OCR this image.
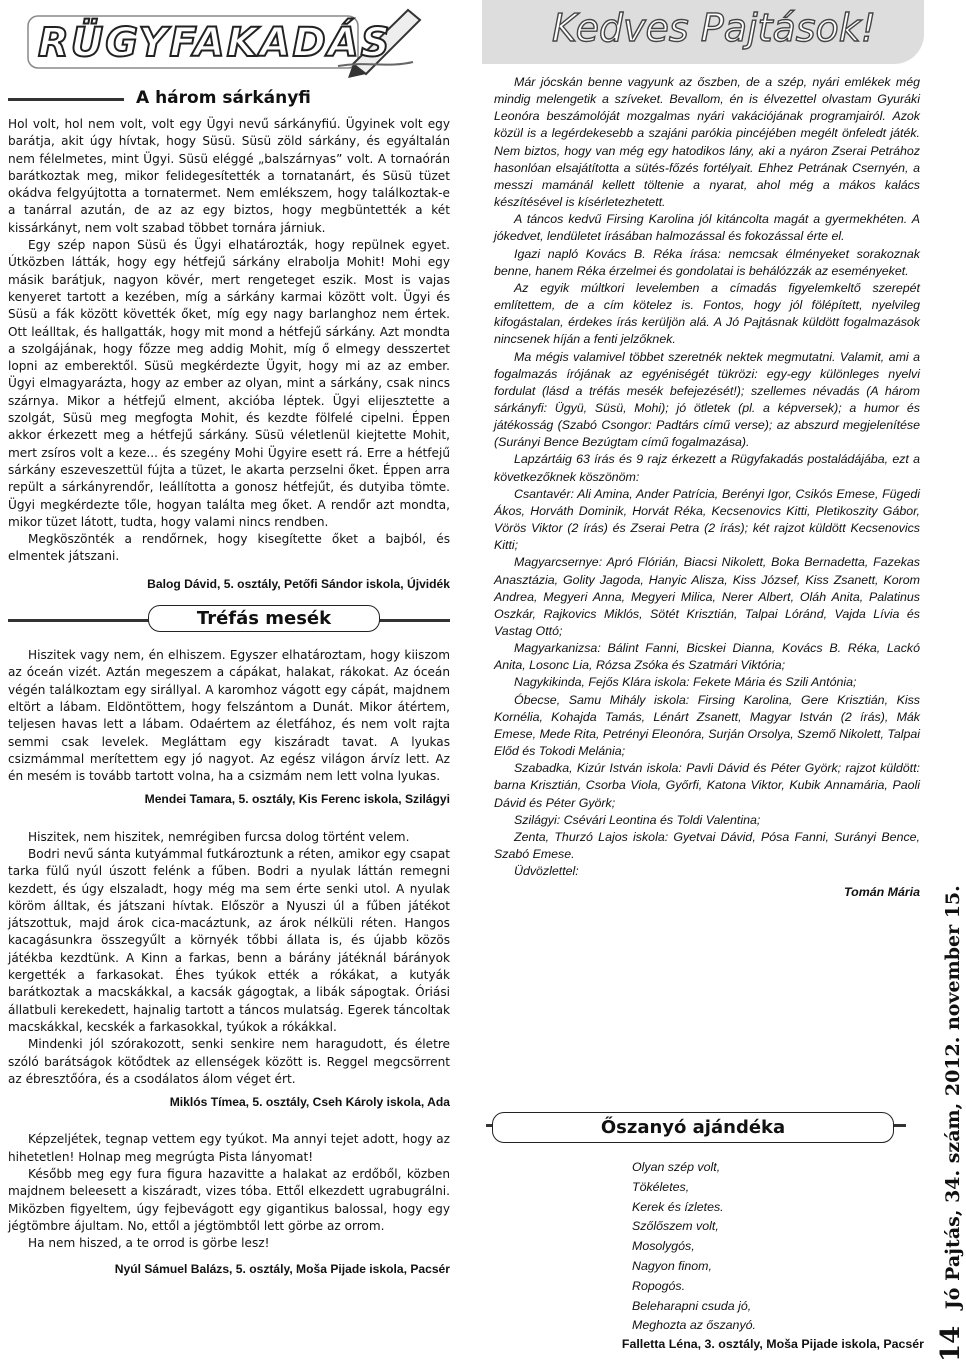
RÜGYFAKADÁS
A három sárkányfi

Hol volt, hol nem volt, volt egy Ügyi nevű sárkányfiú. Ügyinek volt egy barátja, akit úgy hívtak, hogy Süsü. Süsü zöld sárkány, és egyáltalán nem félelmetes, mint Ügyi. Süsü eléggé „balszárnyas” volt. A tornaórán barátkoztak meg, mikor felidegesítették a tornatanárt, és Süsü tüzet okádva felgyújtotta a tornatermet. Nem emlékszem, hogy találkoztak-e a tanárral azután, de az az egy biztos, hogy megbüntették a két kissárkányt, nem volt szabad többet tornára járniuk.

Egy szép napon Süsü és Ügyi elhatározták, hogy repülnek egyet. Útközben látták, hogy egy hétfejű sárkány elrabolja Mohit! Mohi egy másik barátjuk, nagyon kövér, mert rengeteget eszik. Most is vajas kenyeret tartott a kezében, míg a sárkány karmai között volt. Ügyi és Süsü a fák között követték őket, míg egy nagy barlanghoz nem értek. Ott leálltak, és hallgatták, hogy mit mond a hétfejű sárkány. Azt mondta a szolgájának, hogy főzze meg addig Mohit, míg ő elmegy desszertet lopni az emberektől. Süsü megkérdezte Ügyit, hogy mi az az ember. Ügyi elmagyarázta, hogy az ember az olyan, mint a sárkány, csak nincs szárnya. Mikor a hétfejű elment, akcióba léptek. Ügyi elijesztette a szolgát, Süsü meg megfogta Mohit, és kezdte fölfelé cipelni. Éppen akkor érkezett meg a hétfejű sárkány. Süsü véletlenül kiejtette Mohit, mert zsíros volt a keze... és szegény Mohi Ügyire esett rá. Erre a hétfejű sárkány eszeveszettül fújta a tüzet, le akarta perzselni őket. Éppen arra repült a sárkányrendőr, leállította a gonosz hétfejűt, és dutyiba tömte. Ügyi megkérdezte tőle, hogyan találta meg őket. A rendőr azt mondta, mikor tüzet látott, tudta, hogy valami nincs rendben.

Megköszönték a rendőrnek, hogy kisegítette őket a bajból, és elmentek játszani.

Balog Dávid, 5. osztály, Petőfi Sándor iskola, Újvidék

Tréfás mesék

Hiszitek vagy nem, én elhiszem. Egyszer elhatároztam, hogy kiiszom az óceán vizét. Aztán megeszem a cápákat, halakat, rákokat. Az óceán végén találkoztam egy sirállyal. A karomhoz vágott egy cápát, majdnem eltört a lábam. Eldöntöttem, hogy felszántom a Dunát. Mikor átértem, teljesen havas lett a lábam. Odaértem az életfához, és nem volt rajta semmi csak levelek. Megláttam egy kiszáradt tavat. A lyukas csizmámmal merítettem egy jó nagyot. Az egész világon árvíz lett. Az én mesém is tovább tartott volna, ha a csizmám nem lett volna lyukas.

Mendei Tamara, 5. osztály, Kis Ferenc iskola, Szilágyi

Hiszitek, nem hiszitek, nemrégiben furcsa dolog történt velem.

Bodri nevű sánta kutyámmal futkároztunk a réten, amikor egy csapat tarka fülű nyúl úszott felénk a fűben. Bodri a nyulak láttán remegni kezdett, és úgy elszaladt, hogy még ma sem érte senki utol. A nyulak köröm álltak, és játszani hívtak. Először a Nyuszi úl a fűben játékot játszottuk, majd árok cica-macáztunk, az árok nélküli réten. Hangos kacagásunkra összegyűlt a környék tőbbi állata is, és újabb közös játékba kezdtünk. A Kinn a farkas, benn a bárány játéknál bárányok kergették a farkasokat. Éhes tyúkok ették a rókákat, a kutyák barátkoztak a macskákkal, a kacsák gágogtak, a libák sápogtak. Óriási állatbuli kerekedett, hajnalig tartott a táncos mulatság. Egerek táncoltak macskákkal, kecskék a farkasokkal, tyúkok a rókákkal.

Mindenki jól szórakozott, senki senkire nem haragudott, és életre szóló barátságok kötődtek az ellenségek között is. Reggel megcsörrent az ébresztőóra, és a csodálatos álom véget ért.

Miklós Tímea, 5. osztály, Cseh Károly iskola, Ada

Képzeljétek, tegnap vettem egy tyúkot. Ma annyi tejet adott, hogy az hihetetlen! Holnap meg megrúgta Pista lányomat!

Később meg egy fura figura hazavitte a halakat az erdőből, közben majdnem beleesett a kiszáradt, vizes tóba. Ettől elkezdett ugrabugrálni. Miközben figyeltem, úgy fejbevágott egy gigantikus balossal, hogy egy jégtömbre ájultam. No, ettől a jégtömbtől lett görbe az orrom.

Ha nem hiszed, a te orrod is görbe lesz!

Nyúl Sámuel Balázs, 5. osztály, Moša Pijade iskola, Pacsér

Kedves Pajtások!

Már jócskán benne vagyunk az őszben, de a szép, nyári emlékek még mindig melengetik a szíveket. Bevallom, én is élvezettel olvastam Gyuráki Leonóra beszámolóját mozgalmas nyári vakációjának programjairól. Azok közül is a legérdekesebb a szajáni parókia pincéjében megélt önfeledt játék. Nem biztos, hogy van még egy hatodikos lány, aki a nyáron Zserai Petrához hasonlóan elsajátította a sütés-főzés fortélyait. Ehhez Petrának Csernyén, a messzi mamánál kellett töltenie a nyarat, ahol még a mákos kalács készítésével is kísérletezhetett.

A táncos kedvű Firsing Karolina jól kitáncolta magát a gyermekhéten. A jókedvet, lendületet írásában halmozással és fokozással érte el.

Igazi napló Kovács B. Réka írása: nemcsak élményeket sorakoznak benne, hanem Réka érzelmei és gondolatai is behálózzák az eseményeket.

Az egyik múltkori levelemben a címadás figyelemkeltő szerepét említettem, de a cím kötelez is. Fontos, hogy jól fölépített, nyelvileg kifogástalan, érdekes írás kerüljön alá. A Jó Pajtásnak küldött fogalmazások nincsenek híján a fenti jelzőknek.

Ma mégis valamivel többet szeretnék nektek megmutatni. Valamit, ami a fogalmazás írójának az egyéniségét tükrözi: egy-egy különleges nyelvi fordulat (lásd a tréfás mesék befejezését!); szellemes névadás (A három sárkányfi: Ügyü, Süsü, Mohi); jó ötletek (pl. a képversek); a humor és játékosság (Szabó Csongor: Padtárs című verse); az abszurd megjelenítése (Surányi Bence Bezúgtam című fogalmazása).

Lapzártáig 63 írás és 9 rajz érkezett a Rügyfakadás postaládájába, ezt a következőknek köszönöm:

Csantavér: Ali Amina, Ander Patrícia, Berényi Igor, Csikós Emese, Fügedi Ákos, Horváth Dominik, Horvát Réka, Kecsenovics Kitti, Pletikoszity Gábor, Vörös Viktor (2 írás) és Zserai Petra (2 írás); két rajzot küldött Kecsenovics Kitti;

Magyarcsernye: Apró Flórián, Biacsi Nikolett, Boka Bernadetta, Fazekas Anasztázia, Golity Jagoda, Hanyic Alisza, Kiss József, Kiss Zsanett, Korom Andrea, Megyeri Anna, Megyeri Milica, Nerer Albert, Oláh Anita, Palatinus Oszkár, Rajkovics Miklós, Sötét Krisztián, Talpai Lóránd, Vajda Lívia és Vastag Ottó;

Magyarkanizsa: Bálint Fanni, Bicskei Dianna, Kovács B. Réka, Lackó Anita, Losonc Lia, Rózsa Zsóka és Szatmári Viktória;

Nagykikinda, Fejős Klára iskola: Fekete Mária és Szili Antónia;

Óbecse, Samu Mihály iskola: Firsing Karolina, Gere Krisztián, Kiss Kornélia, Kohajda Tamás, Lénárt Zsanett, Magyar István (2 írás), Mák Emese, Mede Rita, Petrényi Eleonóra, Surján Orsolya, Szemő Nikolett, Talpai Előd és Tokodi Melánia;

Szabadka, Kizúr István iskola: Pavli Dávid és Péter Györk; rajzot küldött: barna Krisztián, Csorba Viola, Győrfi, Katona Viktor, Kubik Annamária, Paoli Dávid és Péter Györk;

Szilágyi: Csévári Leontina és Toldi Valentina;

Zenta, Thurzó Lajos iskola: Gyetvai Dávid, Pósa Fanni, Surányi Bence, Szabó Emese.

Üdvözlettel:

Tomán Mária

Őszanyó ajándéka
Olyan szép volt,
Tökéletes,
Kerek és ízletes.
Szőlőszem volt,
Mosolygós,
Nagyon finom,
Ropogós.
Beleharapni csuda jó,
Meghozta az őszanyó.
Falletta Léna, 3. osztály, Moša Pijade iskola, Pacsér 14 Jó Pajtás, 34. szám, 2012. november 15.
